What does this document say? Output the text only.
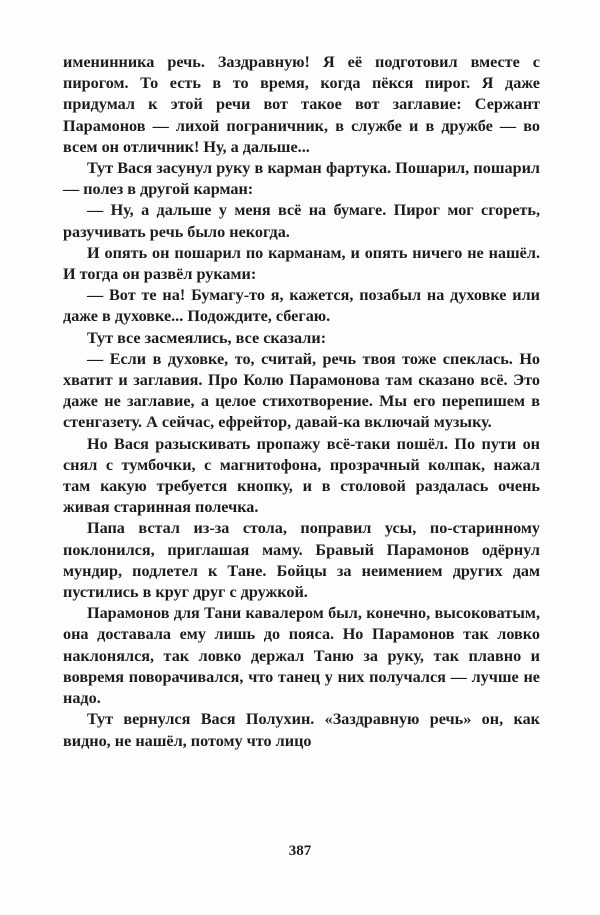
именинника речь. Заздравную! Я её подготовил вместе с пирогом. То есть в то время, когда пёкся пирог. Я даже придумал к этой речи вот такое вот заглавие: Сержант Парамонов — лихой пограничник, в службе и в дружбе — во всем он отличник! Ну, а дальше...

Тут Вася засунул руку в карман фартука. Пошарил, пошарил — полез в другой карман:

— Ну, а дальше у меня всё на бумаге. Пирог мог сгореть, разучивать речь было некогда.

И опять он пошарил по карманам, и опять ничего не нашёл. И тогда он развёл руками:

— Вот те на! Бумагу-то я, кажется, позабыл на духовке или даже в духовке... Подождите, сбегаю.

Тут все засмеялись, все сказали:

— Если в духовке, то, считай, речь твоя тоже спеклась. Но хватит и заглавия. Про Колю Парамонова там сказано всё. Это даже не заглавие, а целое стихотворение. Мы его перепишем в стенгазету. А сейчас, ефрейтор, давай-ка включай музыку.

Но Вася разыскивать пропажу всё-таки пошёл. По пути он снял с тумбочки, с магнитофона, прозрачный колпак, нажал там какую требуется кнопку, и в столовой раздалась очень живая старинная полечка.

Папа встал из-за стола, поправил усы, по-старинному поклонился, приглашая маму. Бравый Парамонов одёрнул мундир, подлетел к Тане. Бойцы за неимением других дам пустились в круг друг с дружкой.

Парамонов для Тани кавалером был, конечно, высоковатым, она доставала ему лишь до пояса. Но Парамонов так ловко наклонялся, так ловко держал Таню за руку, так плавно и вовремя поворачивался, что танец у них получался — лучше не надо.

Тут вернулся Вася Полухин. «Заздравную речь» он, как видно, не нашёл, потому что лицо

387
